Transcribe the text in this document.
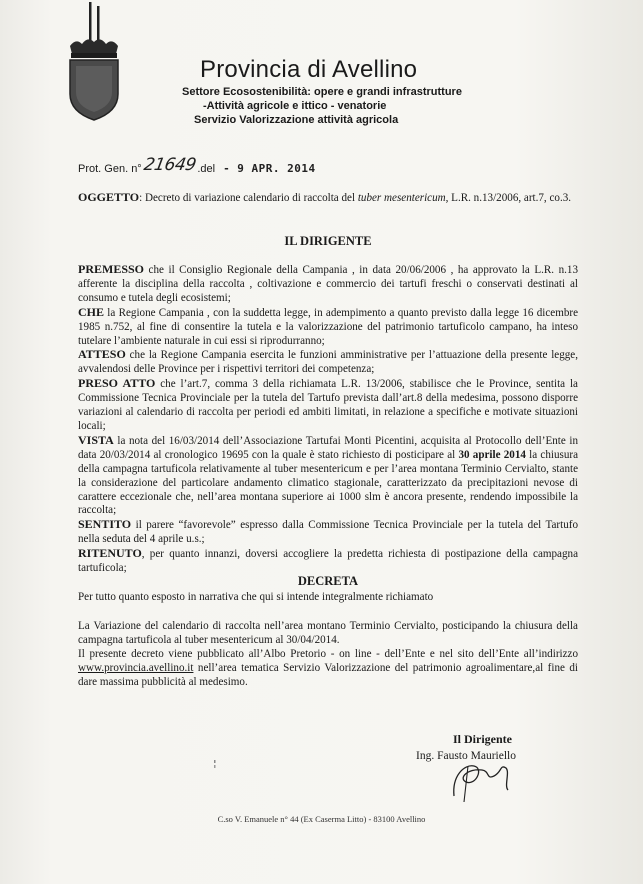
Provincia di Avellino
Settore Ecosostenibilità: opere e grandi infrastrutture
-Attività agricole e ittico - venatorie
Servizio Valorizzazione attività agricola
Prot. Gen. n°21649.del - 9 APR. 2014
OGGETTO: Decreto di variazione calendario di raccolta del tuber mesentericum, L.R. n.13/2006, art.7, co.3.
IL DIRIGENTE
PREMESSO che il Consiglio Regionale della Campania , in data 20/06/2006 , ha approvato la L.R. n.13 afferente la disciplina della raccolta , coltivazione e commercio dei tartufi freschi o conservati destinati al consumo e tutela degli ecosistemi;
CHE la Regione Campania , con la suddetta legge, in adempimento a quanto previsto dalla legge 16 dicembre 1985 n.752, al fine di consentire la tutela e la valorizzazione del patrimonio tartuficolo campano, ha inteso tutelare l’ambiente naturale in cui essi si riprodurranno;
ATTESO che la Regione Campania esercita le funzioni amministrative per l’attuazione della presente legge, avvalendosi delle Province per i rispettivi territori dei competenza;
PRESO ATTO che l’art.7, comma 3 della richiamata L.R. 13/2006, stabilisce che le Province, sentita la Commissione Tecnica Provinciale per la tutela del Tartufo prevista dall’art.8 della medesima, possono disporre variazioni al calendario di raccolta per periodi ed ambiti limitati, in relazione a specifiche e motivate situazioni locali;
VISTA la nota del 16/03/2014 dell’Associazione Tartufai Monti Picentini, acquisita al Protocollo dell’Ente in data 20/03/2014 al cronologico 19695 con la quale è stato richiesto di posticipare al 30 aprile 2014 la chiusura della campagna tartuficola relativamente al tuber mesentericum e per l’area montana Terminio Cervialto, stante la considerazione del particolare andamento climatico stagionale, caratterizzato da precipitazioni nevose di carattere eccezionale che, nell’area montana superiore ai 1000 slm è ancora presente, rendendo impossibile la raccolta;
SENTITO il parere “favorevole” espresso dalla Commissione Tecnica Provinciale per la tutela del Tartufo nella seduta del 4 aprile u.s.;
RITENUTO, per quanto innanzi, doversi accogliere la predetta richiesta di postipazione della campagna tartuficola;
DECRETA
Per tutto quanto esposto in narrativa che qui si intende integralmente richiamato
La Variazione del calendario di raccolta nell’area montano Terminio Cervialto, posticipando la chiusura della campagna tartuficola al tuber mesentericum al 30/04/2014.
Il presente decreto viene pubblicato all’Albo Pretorio - on line - dell’Ente e nel sito dell’Ente all’indirizzo www.provincia.avellino.it nell’area tematica Servizio Valorizzazione del patrimonio agroalimentare,al fine di dare massima pubblicità al medesimo.
Il Dirigente
Ing. Fausto Mauriello
C.so V. Emanuele n° 44 (Ex Caserma Litto) - 83100 Avellino
